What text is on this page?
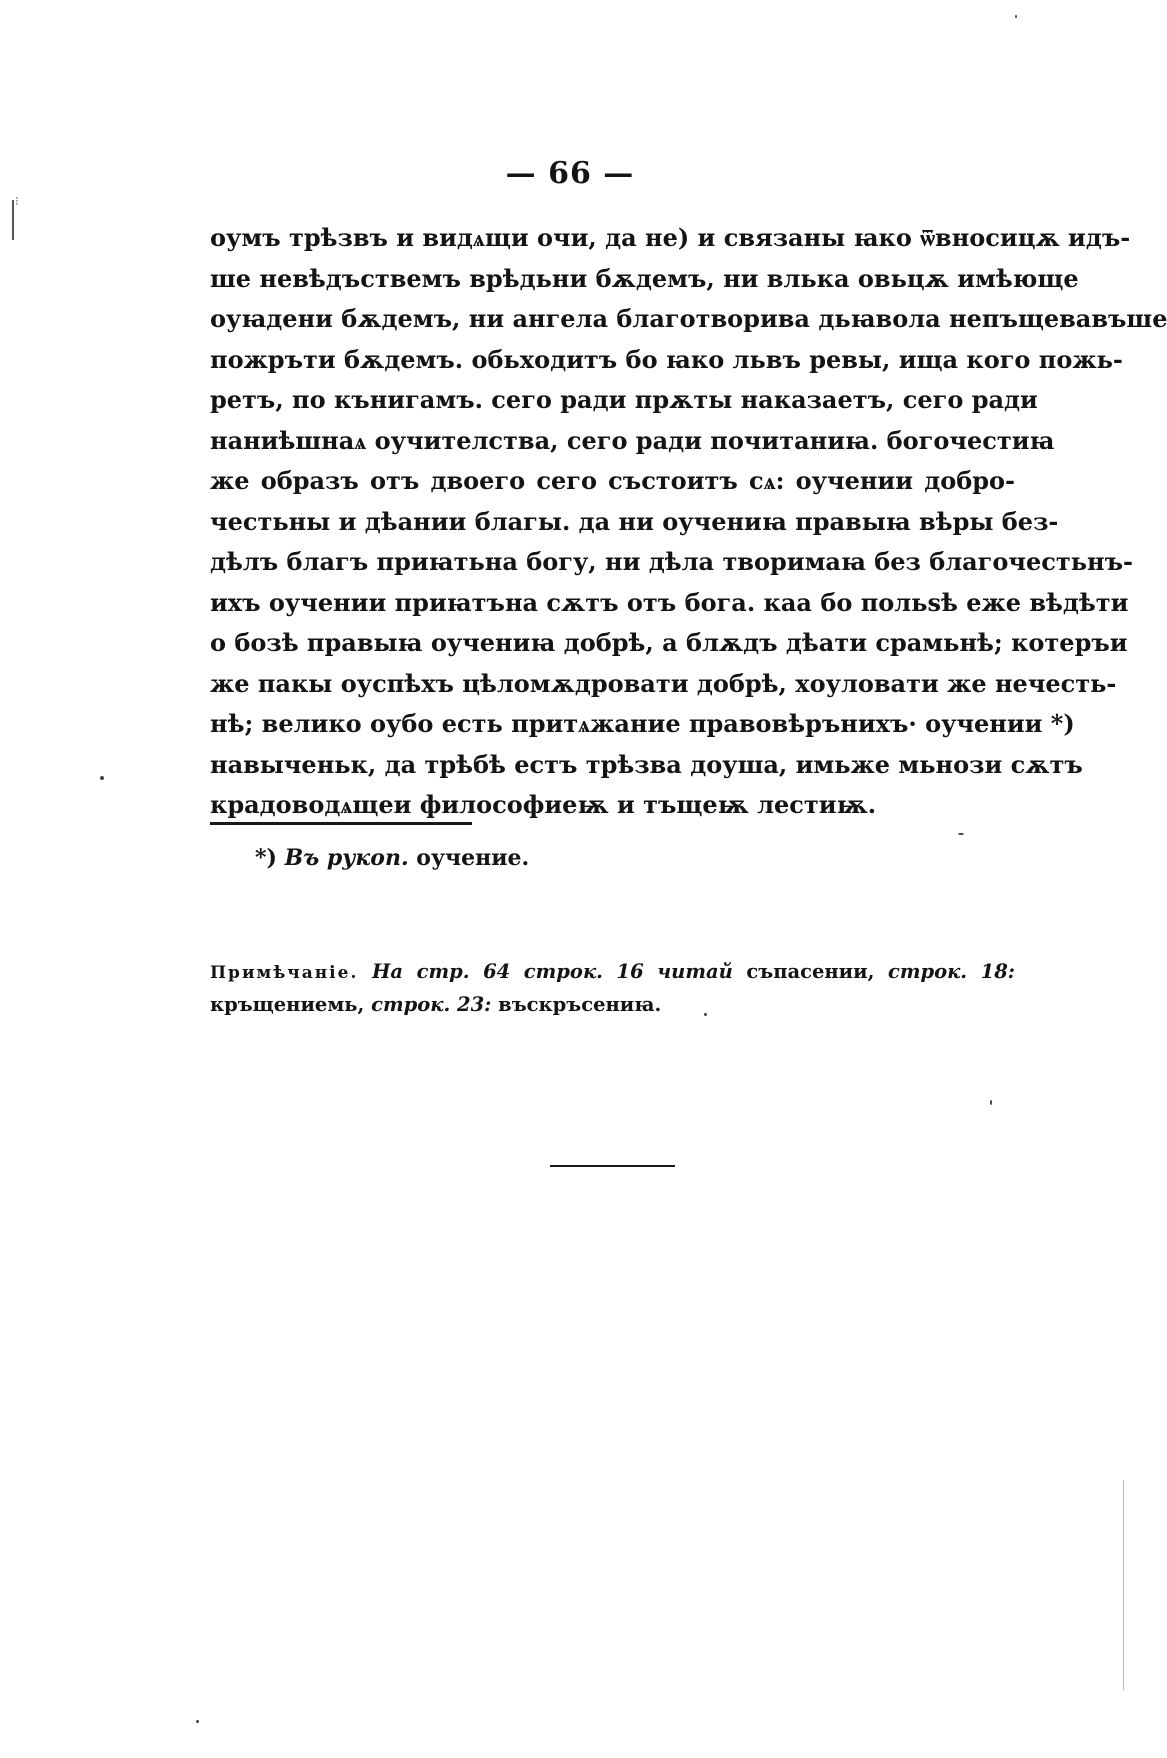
⁝
— 66 —
оумъ трѣзвъ и видѧщи очи, да не) и связаны ꙗко ѿвносицѫ идъ-
ше невѣдъствемъ врѣдьни бѫдемъ, ни влька овьцѫ имѣюще
оуꙗдени бѫдемъ, ни ангела благотворива дьꙗвола непъщевавъше
пожръти бѫдемъ. обьходитъ бо ꙗко львъ ревы, ища кого пожь-
ретъ, по кънигамъ. сего ради прѫты наказаетъ, сего ради
наниѣшнаѧ оучителства, сего ради почитаниꙗ. богочестиꙗ
же образъ отъ двоего сего състоитъ сѧ: оучении добро-
честьны и дѣании благы. да ни оучениꙗ правыꙗ вѣры без-
дѣлъ благъ приꙗтьна богу, ни дѣла творимаꙗ без благочестьнъ-
ихъ оучении приꙗтъна сѫтъ отъ бога. каа бо польѕѣ еже вѣдѣти
о бозѣ правыꙗ оучениꙗ добрѣ, а блѫдъ дѣати срамьнѣ; котеръи
же пакы оуспѣхъ цѣломѫдровати добрѣ, хоуловати же нечесть-
нѣ; велико оубо есть притѧжание правовѣрънихъ· оучении *)
навыченьк, да трѣбѣ естъ трѣзва доуша, имьже мьнози сѫтъ
крадоводѧщеи философиеѭ и тъщеѭ лестиѭ.
*) Въ рукоп. оучение.
Примѣчаніе. На стр. 64 строк. 16 читай съпасении, строк. 18:
кръщениемь, строк. 23: въскръсениꙗ.
